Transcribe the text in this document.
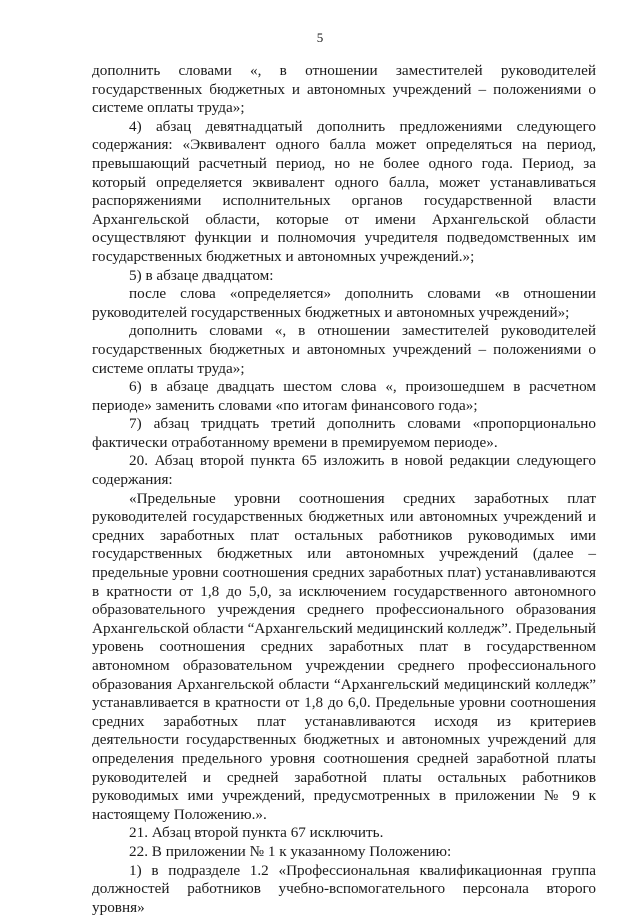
5

дополнить словами «, в отношении заместителей руководителей государственных бюджетных и автономных учреждений – положениями о системе оплаты труда»;

4) абзац девятнадцатый дополнить предложениями следующего содержания: «Эквивалент одного балла может определяться на период, превышающий расчетный период, но не более одного года. Период, за который определяется эквивалент одного балла, может устанавливаться распоряжениями исполнительных органов государственной власти Архангельской области, которые от имени Архангельской области осуществляют функции и полномочия учредителя подведомственных им государственных бюджетных и автономных учреждений.»;

5) в абзаце двадцатом:

после слова «определяется» дополнить словами «в отношении руководителей государственных бюджетных и автономных учреждений»;

дополнить словами «, в отношении заместителей руководителей государственных бюджетных и автономных учреждений – положениями о системе оплаты труда»;

6) в абзаце двадцать шестом слова «, произошедшем в расчетном периоде» заменить словами «по итогам финансового года»;

7) абзац тридцать третий дополнить словами «пропорционально фактически отработанному времени в премируемом периоде».

20. Абзац второй пункта 65 изложить в новой редакции следующего содержания:

«Предельные уровни соотношения средних заработных плат руководителей государственных бюджетных или автономных учреждений и средних заработных плат остальных работников руководимых ими государственных бюджетных или автономных учреждений (далее – предельные уровни соотношения средних заработных плат) устанавливаются в кратности от 1,8 до 5,0, за исключением государственного автономного образовательного учреждения среднего профессионального образования Архангельской области “Архангельский медицинский колледж”. Предельный уровень соотношения средних заработных плат в государственном автономном образовательном учреждении среднего профессионального образования Архангельской области “Архангельский медицинский колледж” устанавливается в кратности от 1,8 до 6,0. Предельные уровни соотношения средних заработных плат устанавливаются исходя из критериев деятельности государственных бюджетных и автономных учреждений для определения предельного уровня соотношения средней заработной платы руководителей и средней заработной платы остальных работников руководимых ими учреждений, предусмотренных в приложении № 9 к настоящему Положению.».

21. Абзац второй пункта 67 исключить.

22. В приложении № 1 к указанному Положению:

1) в подразделе 1.2 «Профессиональная квалификационная группа должностей работников учебно-вспомогательного персонала второго уровня»
